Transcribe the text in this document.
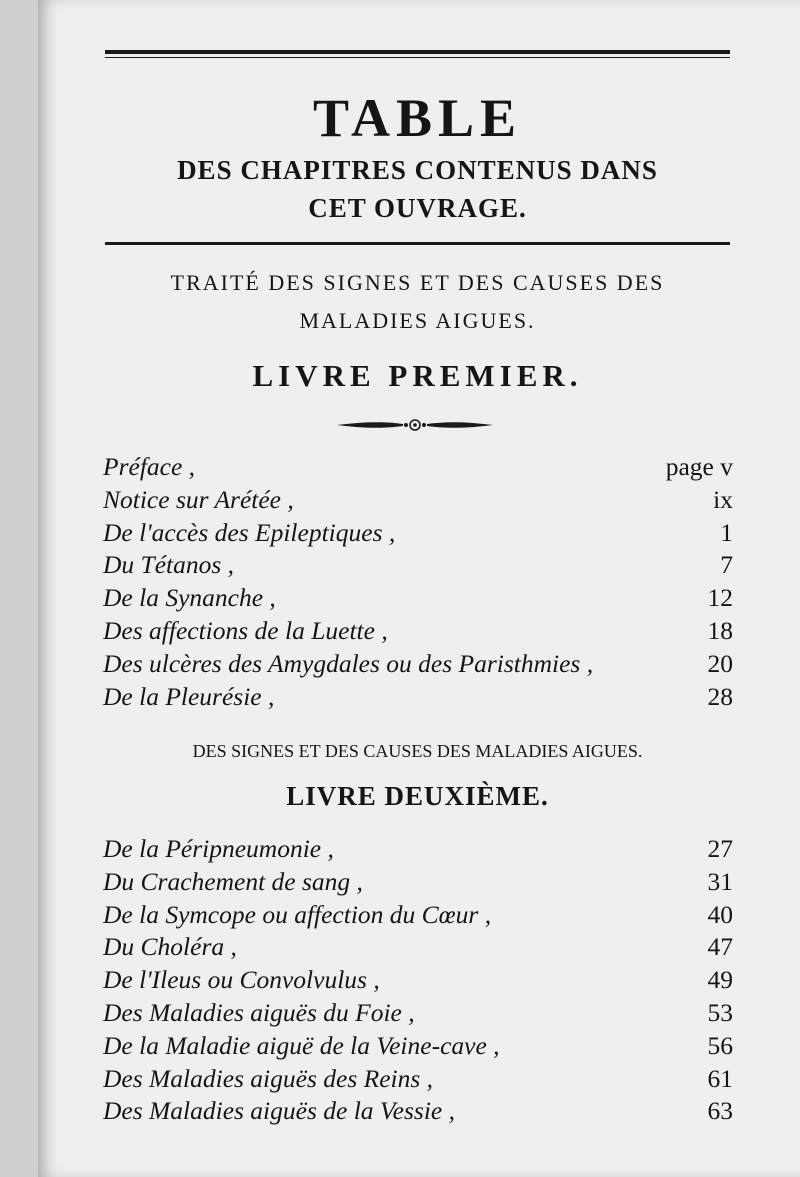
TABLE
DES CHAPITRES CONTENUS DANS
CET OUVRAGE.
TRAITÉ DES SIGNES ET DES CAUSES DES
MALADIES AIGUES.
LIVRE PREMIER.
Préface ,	page v
Notice sur Arétée ,	ix
De l'accès des Epileptiques ,	1
Du Tétanos ,	7
De la Synanche ,	12
Des affections de la Luette ,	18
Des ulcères des Amygdales ou des Paristhmies ,	20
De la Pleurésie ,	28
DES SIGNES ET DES CAUSES DES MALADIES AIGUES.
LIVRE DEUXIÈME.
De la Péripneumonie ,	27
Du Crachement de sang ,	31
De la Symcope ou affection du Cœur ,	40
Du Choléra ,	47
De l'Ileus ou Convolvulus ,	49
Des Maladies aiguës du Foie ,	53
De la Maladie aiguë de la Veine-cave ,	56
Des Maladies aiguës des Reins ,	61
Des Maladies aiguës de la Vessie ,	63
